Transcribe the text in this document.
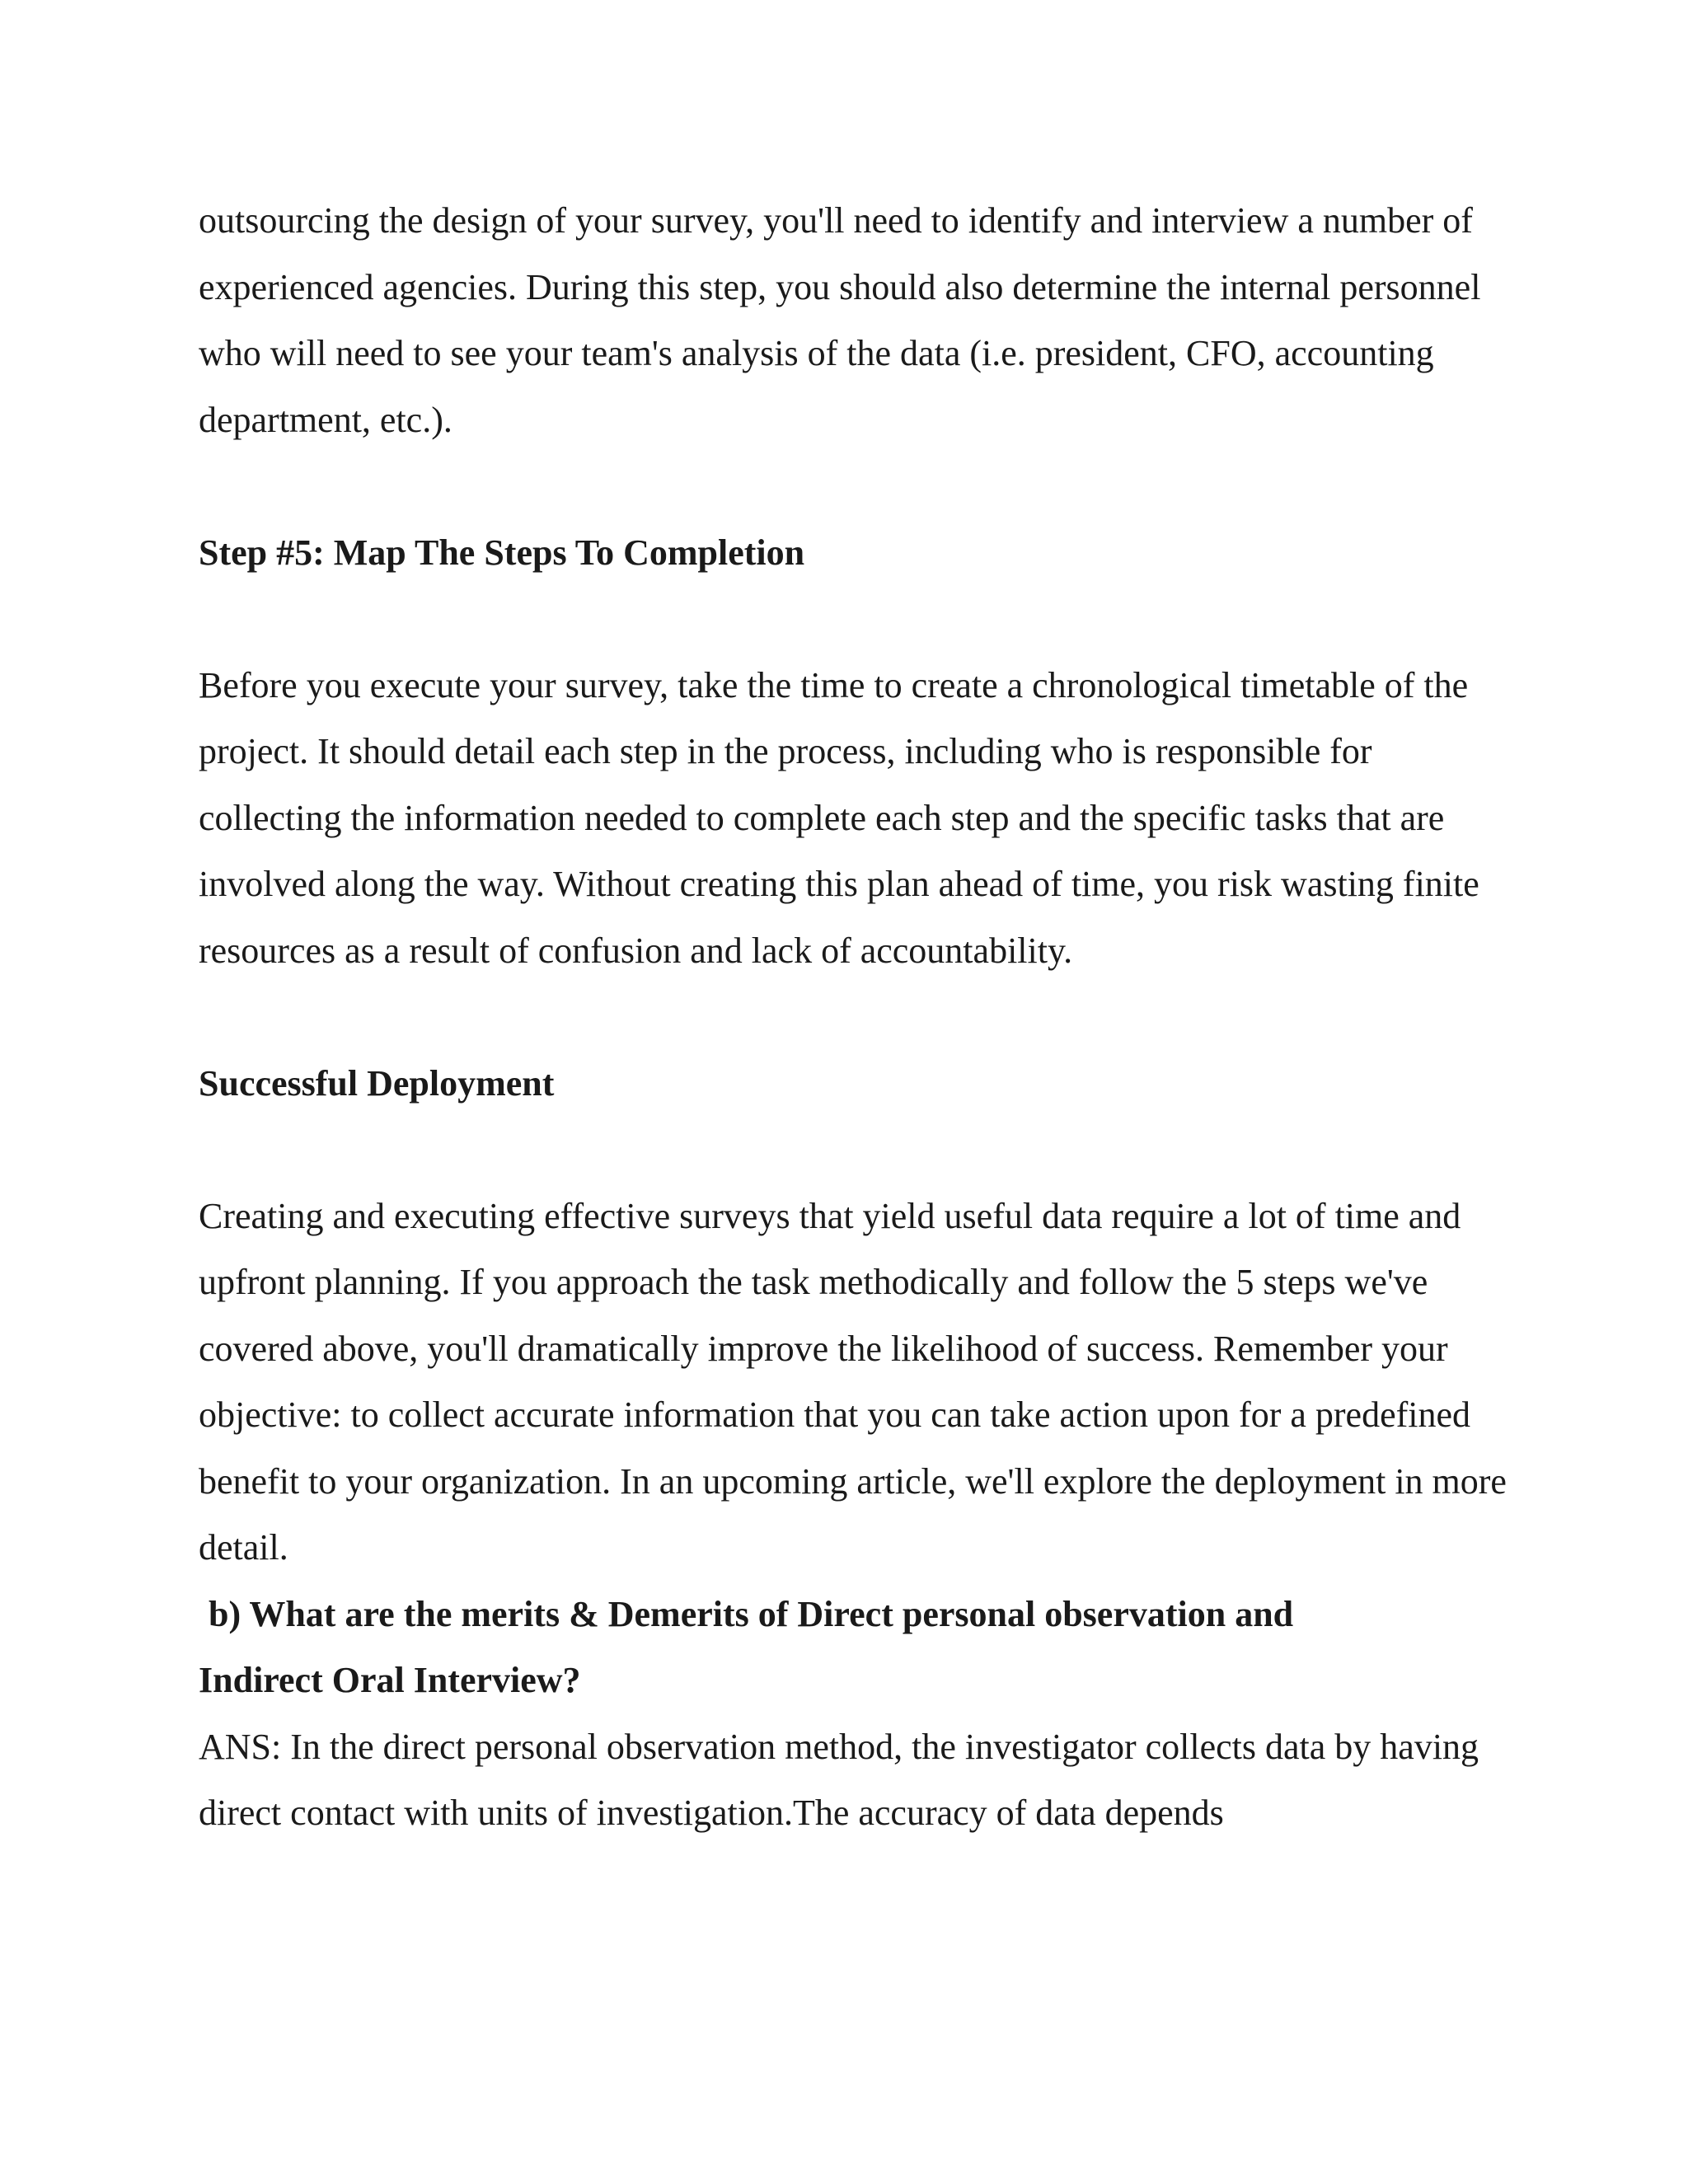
outsourcing the design of your survey, you'll need to identify and interview a number of experienced agencies. During this step, you should also determine the internal personnel who will need to see your team's analysis of the data (i.e. president, CFO, accounting department, etc.).

Step #5: Map The Steps To Completion

Before you execute your survey, take the time to create a chronological timetable of the project. It should detail each step in the process, including who is responsible for collecting the information needed to complete each step and the specific tasks that are involved along the way. Without creating this plan ahead of time, you risk wasting finite resources as a result of confusion and lack of accountability.

Successful Deployment

Creating and executing effective surveys that yield useful data require a lot of time and upfront planning. If you approach the task methodically and follow the 5 steps we've covered above, you'll dramatically improve the likelihood of success. Remember your objective: to collect accurate information that you can take action upon for a predefined benefit to your organization. In an upcoming article, we'll explore the deployment in more detail.

b) What are the merits & Demerits of Direct personal observation and

Indirect Oral Interview?

ANS: In the direct personal observation method, the investigator collects data by having direct contact with units of investigation.The accuracy of data depends
